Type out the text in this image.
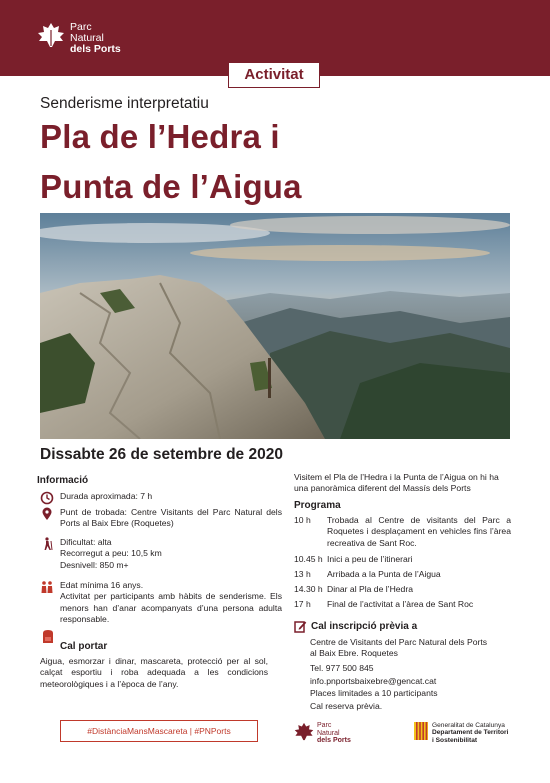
Parc
Natural
dels Ports
Activitat
Senderisme interpretatiu
Pla de l’Hedra i
Punta de l’Aigua
Dissabte 26 de setembre de 2020
Informació
Durada aproximada: 7 h
Punt de trobada: Centre Visitants del Parc Natural dels Ports al Baix Ebre (Roquetes)
Dificultat: alta
Recorregut a peu: 10,5 km
Desnivell: 850 m+
Edat mínima 16 anys.
Activitat per participants amb hàbits de senderisme. Els menors han d’anar acompanyats d’una persona adulta responsable.
Cal portar
Aigua, esmorzar i dinar, mascareta, protecció per al sol, calçat esportiu i roba adequada a les condicions meteorològiques i a l’època de l’any.
Visitem el Pla de l’Hedra i la Punta de l’Aigua on hi ha una panoràmica diferent del Massís dels Ports
Programa
10 h	Trobada al Centre de visitants del Parc a Roquetes i desplaçament en vehicles fins l’àrea recreativa de Sant Roc.
10.45 h Inici a peu de l’itinerari
13 h	Arribada a la Punta de l’Aigua
14.30 h Dinar al Pla de l’Hedra
17 h	Final de l’activitat a l’àrea de Sant Roc
Cal inscripció prèvia a
Centre de Visitants del Parc Natural dels Ports
al Baix Ebre. Roquetes
Tel. 977 500 845
info.pnportsbaixebre@gencat.cat
Places limitades a 10 participants
Cal reserva prèvia.
#DistànciaMansMascareta | #PNPorts
Parc
Natural
dels Ports
Generalitat de Catalunya
Departament de Territori
i Sostenibilitat
